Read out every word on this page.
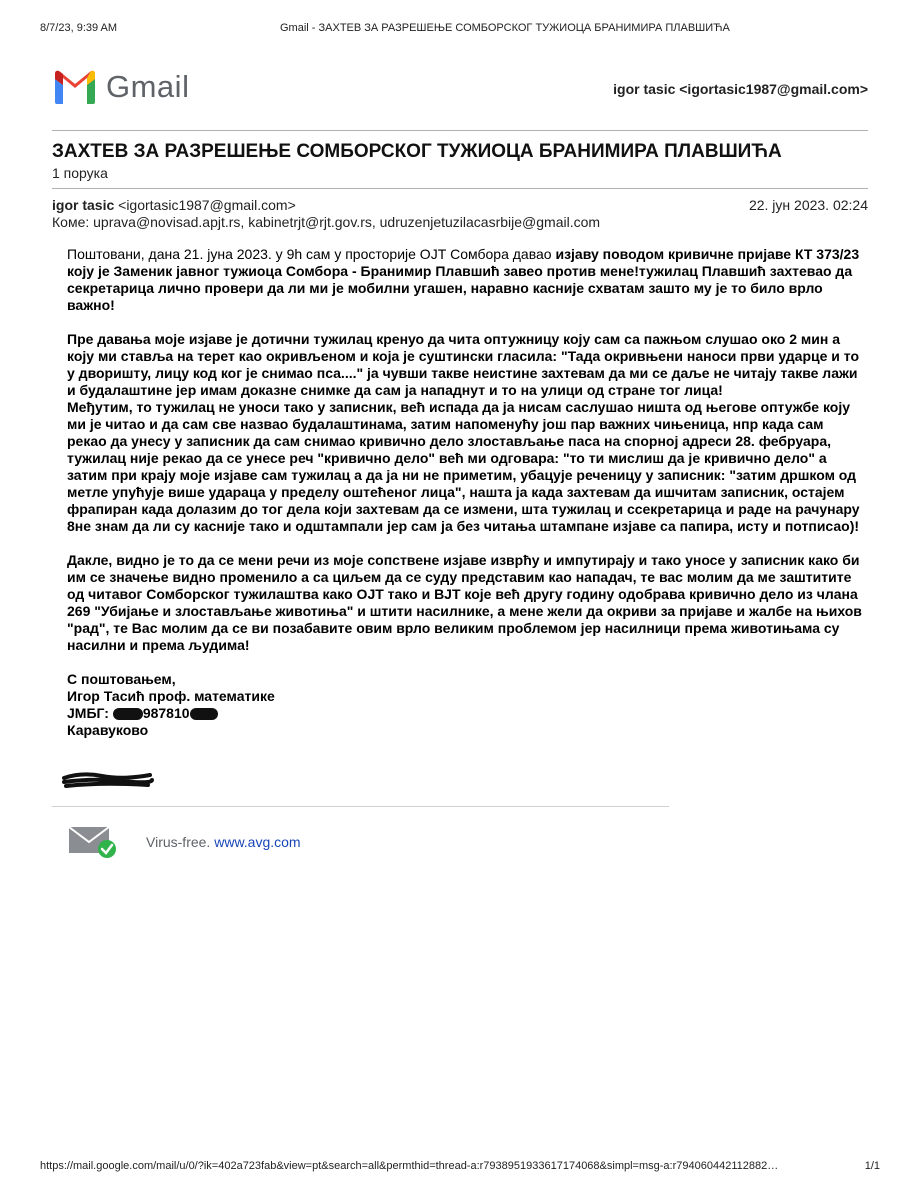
8/7/23, 9:39 AM	Gmail - ЗАХТЕВ ЗА РАЗРЕШЕЊЕ СОМБОРСКОГ ТУЖИОЦА БРАНИМИРА ПЛАВШИЋА
Gmail	igor tasic <igortasic1987@gmail.com>
ЗАХТЕВ ЗА РАЗРЕШЕЊЕ СОМБОРСКОГ ТУЖИОЦА БРАНИМИРА ПЛАВШИЋА
1 порука
igor tasic <igortasic1987@gmail.com>	22. јун 2023. 02:24
Коме: uprava@novisad.apjt.rs, kabinetrjt@rjt.gov.rs, udruzenjetuzilacasrbije@gmail.com

Поштовани, дана 21. јуна 2023. у 9h сам у просторије ОЈТ Сомбора давао изјаву поводом кривичне пријаве КТ 373/23 коју је Заменик јавног тужиоца Сомбора - Бранимир Плавшић завео против мене!тужилац Плавшић захтевао да секретарица лично провери да ли ми је мобилни угашен, наравно касније схватам зашто му је то било врло важно!

Пре давања моје изјаве је дотични тужилац кренуо да чита оптужницу коју сам са пажњом слушао око 2 мин а коју ми ставља на терет као окривљеном и која је суштински гласила: "Тада окривњени наноси први ударце и то у дворишту, лицу код ког је снимао пса...." ја чувши такве неистине захтевам да ми се даље не читају такве лажи и будалаштине јер имам доказне снимке да сам ја нападнут и то на улици од стране тог лица!

Међутим, то тужилац не уноси тако у записник, већ испада да ја нисам саслушао ништа од његове оптужбе коју ми је читао и да сам све назвао будалаштинама, затим напоменућу још пар важних чињеница, нпр када сам рекао да унесу у записник да сам снимао кривично дело злостављање паса на спорној адреси 28. фебруара, тужилац није рекао да се унесе реч "кривично дело" већ ми одговара: "то ти мислиш да је кривично дело" а затим при крају моје изјаве сам тужилац а да ја ни не приметим, убацује реченицу у записник: "затим дршком од метле упућује више удараца у пределу оштећеног лица", нашта ја када захтевам да ишчитам записник, остајем фрапиран када долазим до тог дела који захтевам да се измени, шта тужилац и ссекретарица и раде на рачунару 8не знам да ли су касније тако и одштампали јер сам ја без читања штампане изјаве са папира, исту и потписао)!

Дакле, видно је то да се мени речи из моје сопствене изјаве изврћу и импутирају и тако уносе у записник како би им се значење видно променило а са циљем да се суду представим као нападач, те вас молим да ме заштитите од читавог Сомборског тужилаштва како ОЈТ тако и ВЈТ које већ другу годину одобрава кривично дело из члана 269 "Убијање и злостављање животиња" и штити насилнике, а мене жели да окриви за пријаве и жалбе на њихов "рад", те Вас молим да се ви позабавите овим врло великим проблемом јер насилници према животињама су насилни и према људима!

С поштовањем,
Игор Тасић проф. математике
ЈМБГ: 987810
Каравуково
Virus-free. www.avg.com
https://mail.google.com/mail/u/0/?ik=402a723fab&view=pt&search=all&permthid=thread-a:r7938951933617174068&simpl=msg-a:r794060442112882…	1/1
